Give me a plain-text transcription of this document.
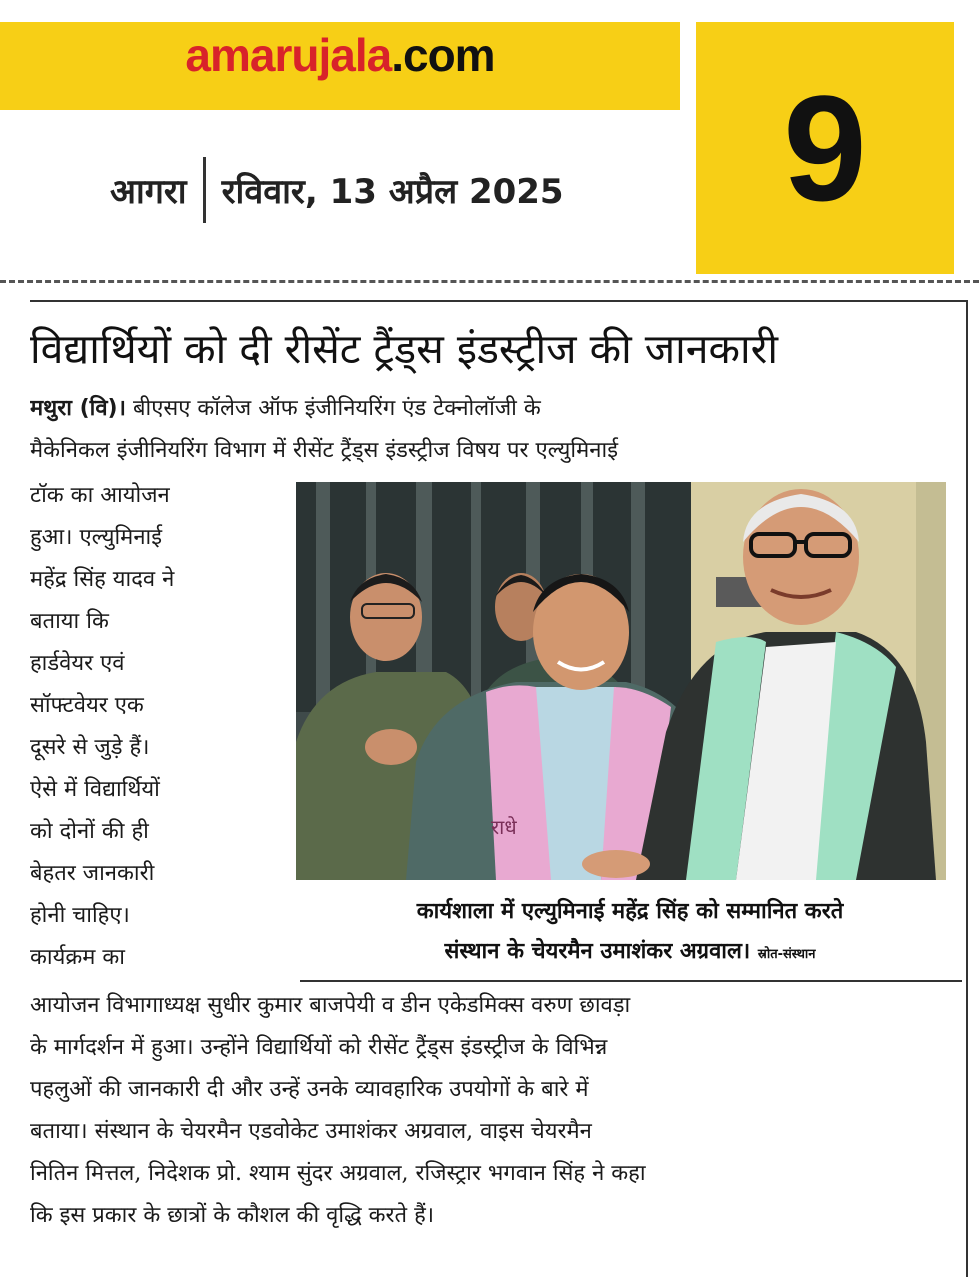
amarujala.com
आगरा रविवार, 13 अप्रैल 2025 9
विद्यार्थियों को दी रीसेंट ट्रैंड्स इंडस्ट्रीज की जानकारी
मथुरा (वि)। बीएसए कॉलेज ऑफ इंजीनियरिंग एंड टेक्नोलॉजी के
मैकेनिकल इंजीनियरिंग विभाग में रीसेंट ट्रैंड्स इंडस्ट्रीज विषय पर एल्युमिनाई
टॉक का आयोजन
हुआ। एल्युमिनाई
महेंद्र सिंह यादव ने
बताया कि
हार्डवेयर एवं
सॉफ्टवेयर एक
दूसरे से जुड़े हैं।
ऐसे में विद्यार्थियों
को दोनों की ही
बेहतर जानकारी
होनी चाहिए।
कार्यक्रम का
राधे
कार्यशाला में एल्युमिनाई महेंद्र सिंह को सम्मानित करते
संस्थान के चेयरमैन उमाशंकर अग्रवाल। स्रोत-संस्थान
आयोजन विभागाध्यक्ष सुधीर कुमार बाजपेयी व डीन एकेडमिक्स वरुण छावड़ा
के मार्गदर्शन में हुआ। उन्होंने विद्यार्थियों को रीसेंट ट्रैंड्स इंडस्ट्रीज के विभिन्न
पहलुओं की जानकारी दी और उन्हें उनके व्यावहारिक उपयोगों के बारे में
बताया। संस्थान के चेयरमैन एडवोकेट उमाशंकर अग्रवाल, वाइस चेयरमैन
नितिन मित्तल, निदेशक प्रो. श्याम सुंदर अग्रवाल, रजिस्ट्रार भगवान सिंह ने कहा
कि इस प्रकार के छात्रों के कौशल की वृद्धि करते हैं।
